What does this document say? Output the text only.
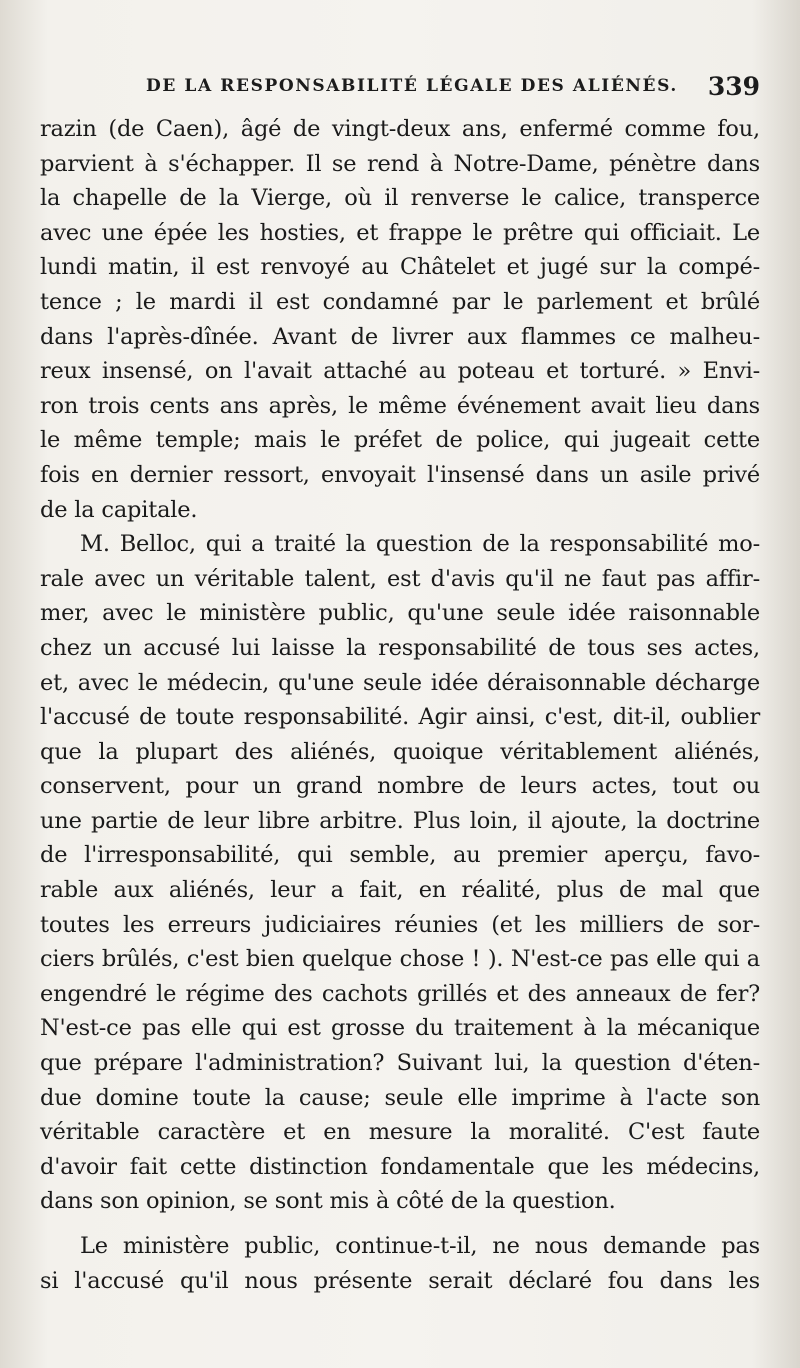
DE LA RESPONSABILITÉ LÉGALE DES ALIÉNÉS. 339
razin (de Caen), âgé de vingt-deux ans, enfermé comme fou,
parvient à s'échapper. Il se rend à Notre-Dame, pénètre dans
la chapelle de la Vierge, où il renverse le calice, transperce
avec une épée les hosties, et frappe le prêtre qui officiait. Le
lundi matin, il est renvoyé au Châtelet et jugé sur la compé-
tence ; le mardi il est condamné par le parlement et brûlé
dans l'après-dînée. Avant de livrer aux flammes ce malheu-
reux insensé, on l'avait attaché au poteau et torturé. » Envi-
ron trois cents ans après, le même événement avait lieu dans
le même temple; mais le préfet de police, qui jugeait cette
fois en dernier ressort, envoyait l'insensé dans un asile privé
de la capitale.
M. Belloc, qui a traité la question de la responsabilité mo-
rale avec un véritable talent, est d'avis qu'il ne faut pas affir-
mer, avec le ministère public, qu'une seule idée raisonnable
chez un accusé lui laisse la responsabilité de tous ses actes,
et, avec le médecin, qu'une seule idée déraisonnable décharge
l'accusé de toute responsabilité. Agir ainsi, c'est, dit-il, oublier
que la plupart des aliénés, quoique véritablement aliénés,
conservent, pour un grand nombre de leurs actes, tout ou
une partie de leur libre arbitre. Plus loin, il ajoute, la doctrine
de l'irresponsabilité, qui semble, au premier aperçu, favo-
rable aux aliénés, leur a fait, en réalité, plus de mal que
toutes les erreurs judiciaires réunies (et les milliers de sor-
ciers brûlés, c'est bien quelque chose ! ). N'est-ce pas elle qui a
engendré le régime des cachots grillés et des anneaux de fer?
N'est-ce pas elle qui est grosse du traitement à la mécanique
que prépare l'administration? Suivant lui, la question d'éten-
due domine toute la cause; seule elle imprime à l'acte son
véritable caractère et en mesure la moralité. C'est faute
d'avoir fait cette distinction fondamentale que les médecins,
dans son opinion, se sont mis à côté de la question.
Le ministère public, continue-t-il, ne nous demande pas
si l'accusé qu'il nous présente serait déclaré fou dans les
